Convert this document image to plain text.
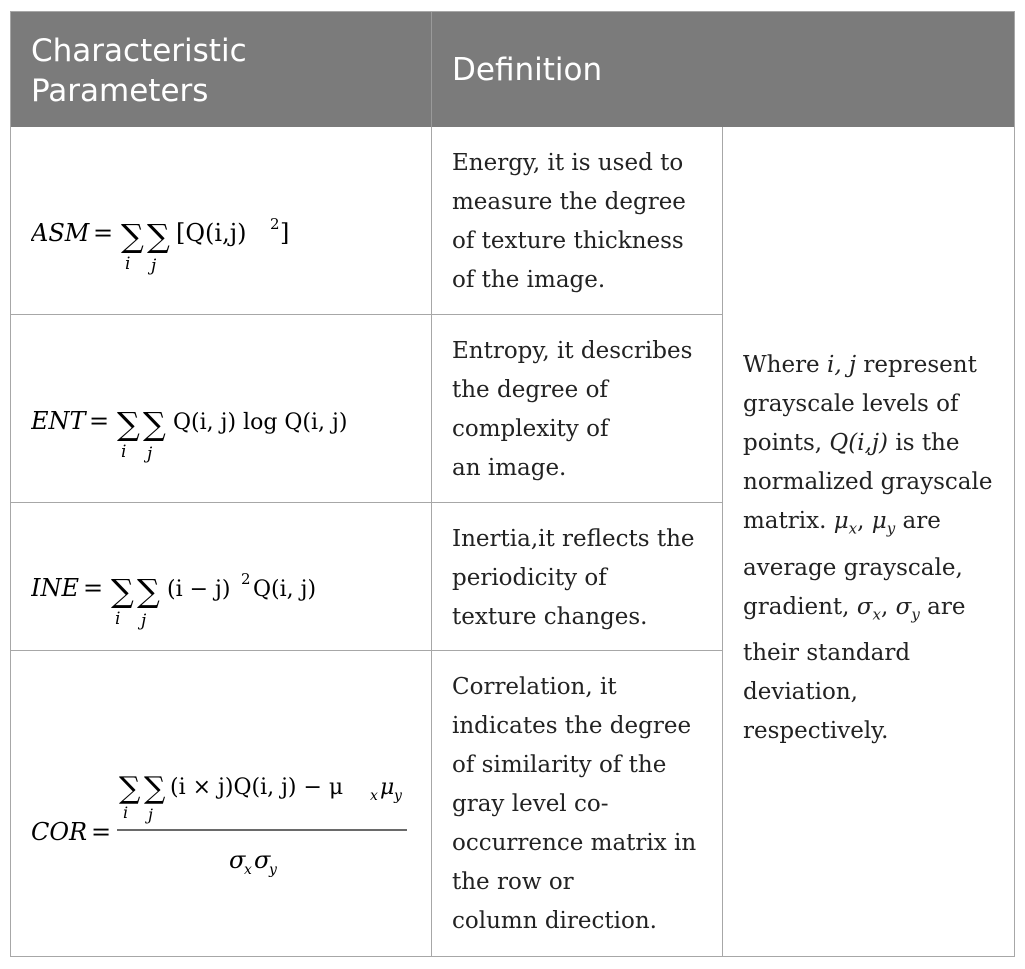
Characteristic
Parameters
Definition
ASM = ∑ ∑
i j
[Q(i,j) 2 ]
Energy, it is used to
measure the degree
of texture thickness
of the image.
ENT = ∑ ∑
i j
Q(i, j) log Q(i, j)
Entropy, it describes
the degree of
complexity of
an image.
INE = ∑ ∑
i j
(i − j) 2 Q(i, j)
Inertia,it reflects the
periodicity of
texture changes.
COR =
∑ ∑
i j
(i × j)Q(i, j) − μ x μ y
σ
x σ
y
Correlation, it
indicates the degree
of similarity of the
gray level co-
occurrence matrix in
the row or
column direction.
Where i, j represent
grayscale levels of
points, Q(i,j) is the
normalized grayscale
matrix. $\mu_x$, $\mu_y$ are
average grayscale,
gradient, $\sigma_x$, $\sigma_y$ are
their standard
deviation,
respectively.
